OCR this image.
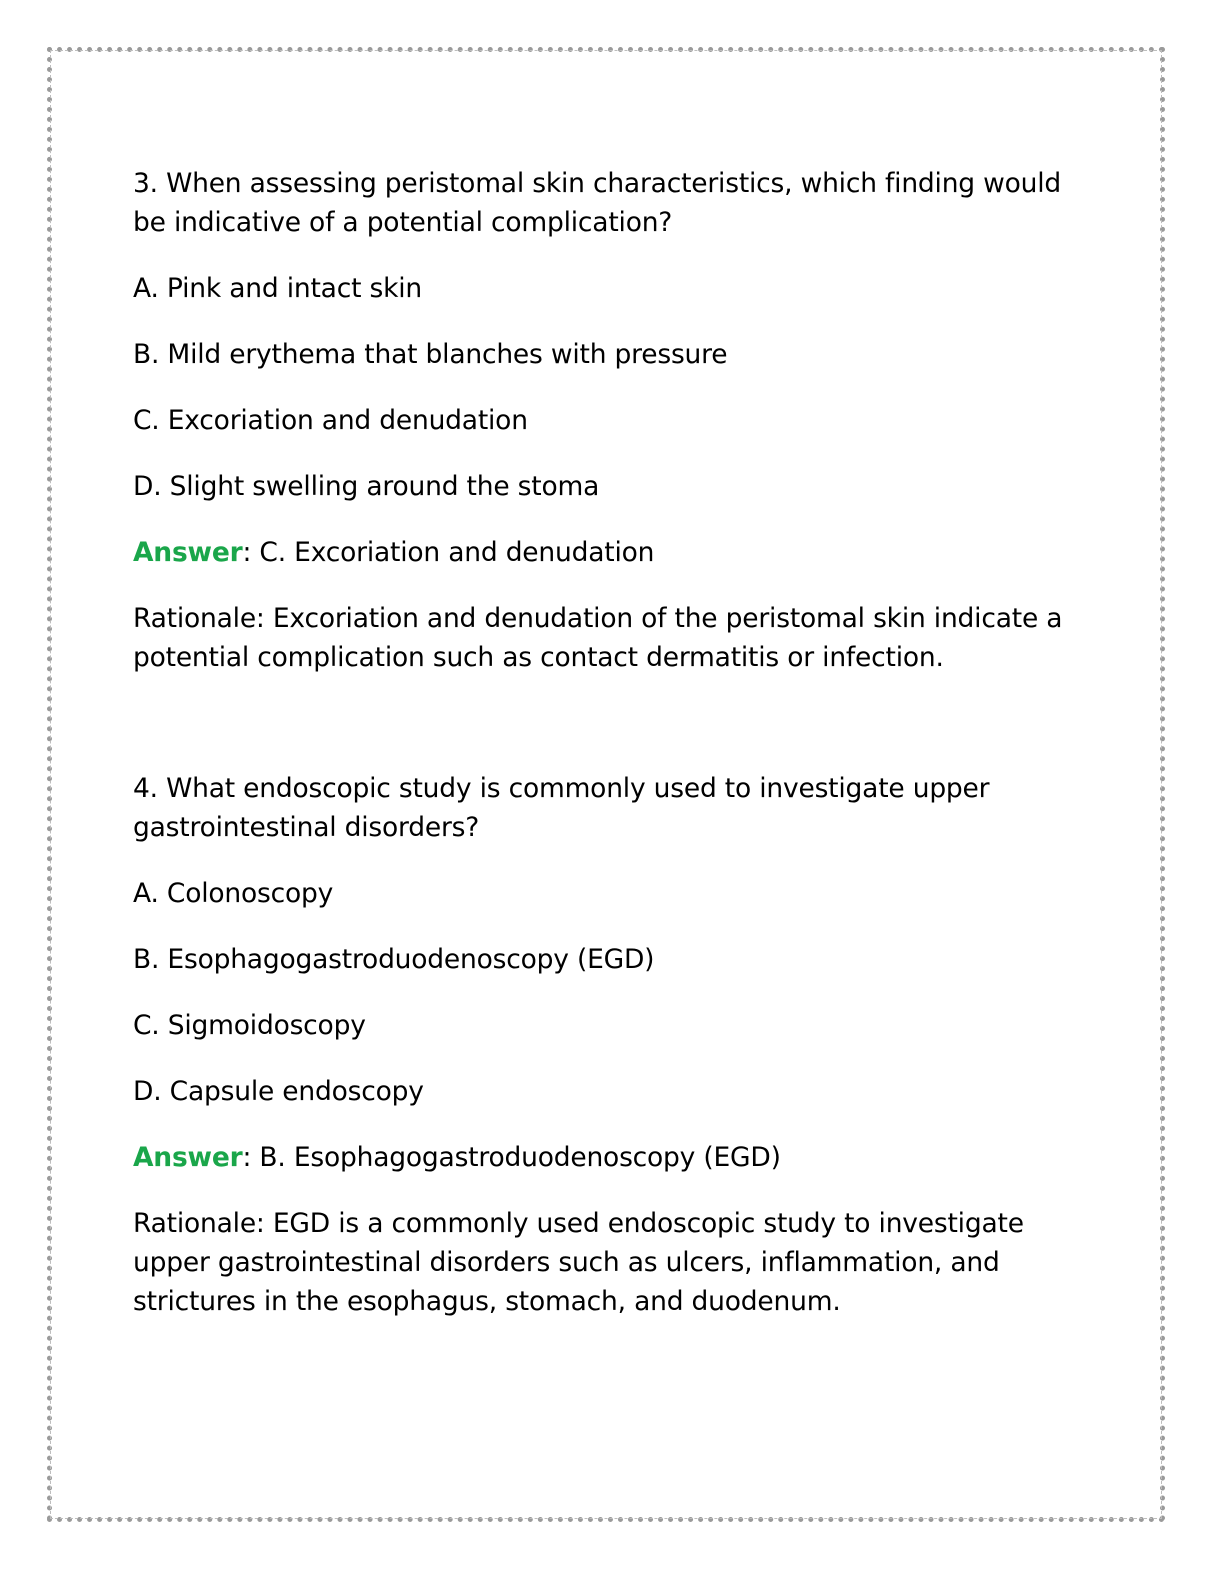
3. When assessing peristomal skin characteristics, which finding would be indicative of a potential complication?

A. Pink and intact skin

B. Mild erythema that blanches with pressure

C. Excoriation and denudation

D. Slight swelling around the stoma

Answer: C. Excoriation and denudation

Rationale: Excoriation and denudation of the peristomal skin indicate a potential complication such as contact dermatitis or infection.

4. What endoscopic study is commonly used to investigate upper gastrointestinal disorders?

A. Colonoscopy

B. Esophagogastroduodenoscopy (EGD)

C. Sigmoidoscopy

D. Capsule endoscopy

Answer: B. Esophagogastroduodenoscopy (EGD)

Rationale: EGD is a commonly used endoscopic study to investigate upper gastrointestinal disorders such as ulcers, inflammation, and strictures in the esophagus, stomach, and duodenum.
